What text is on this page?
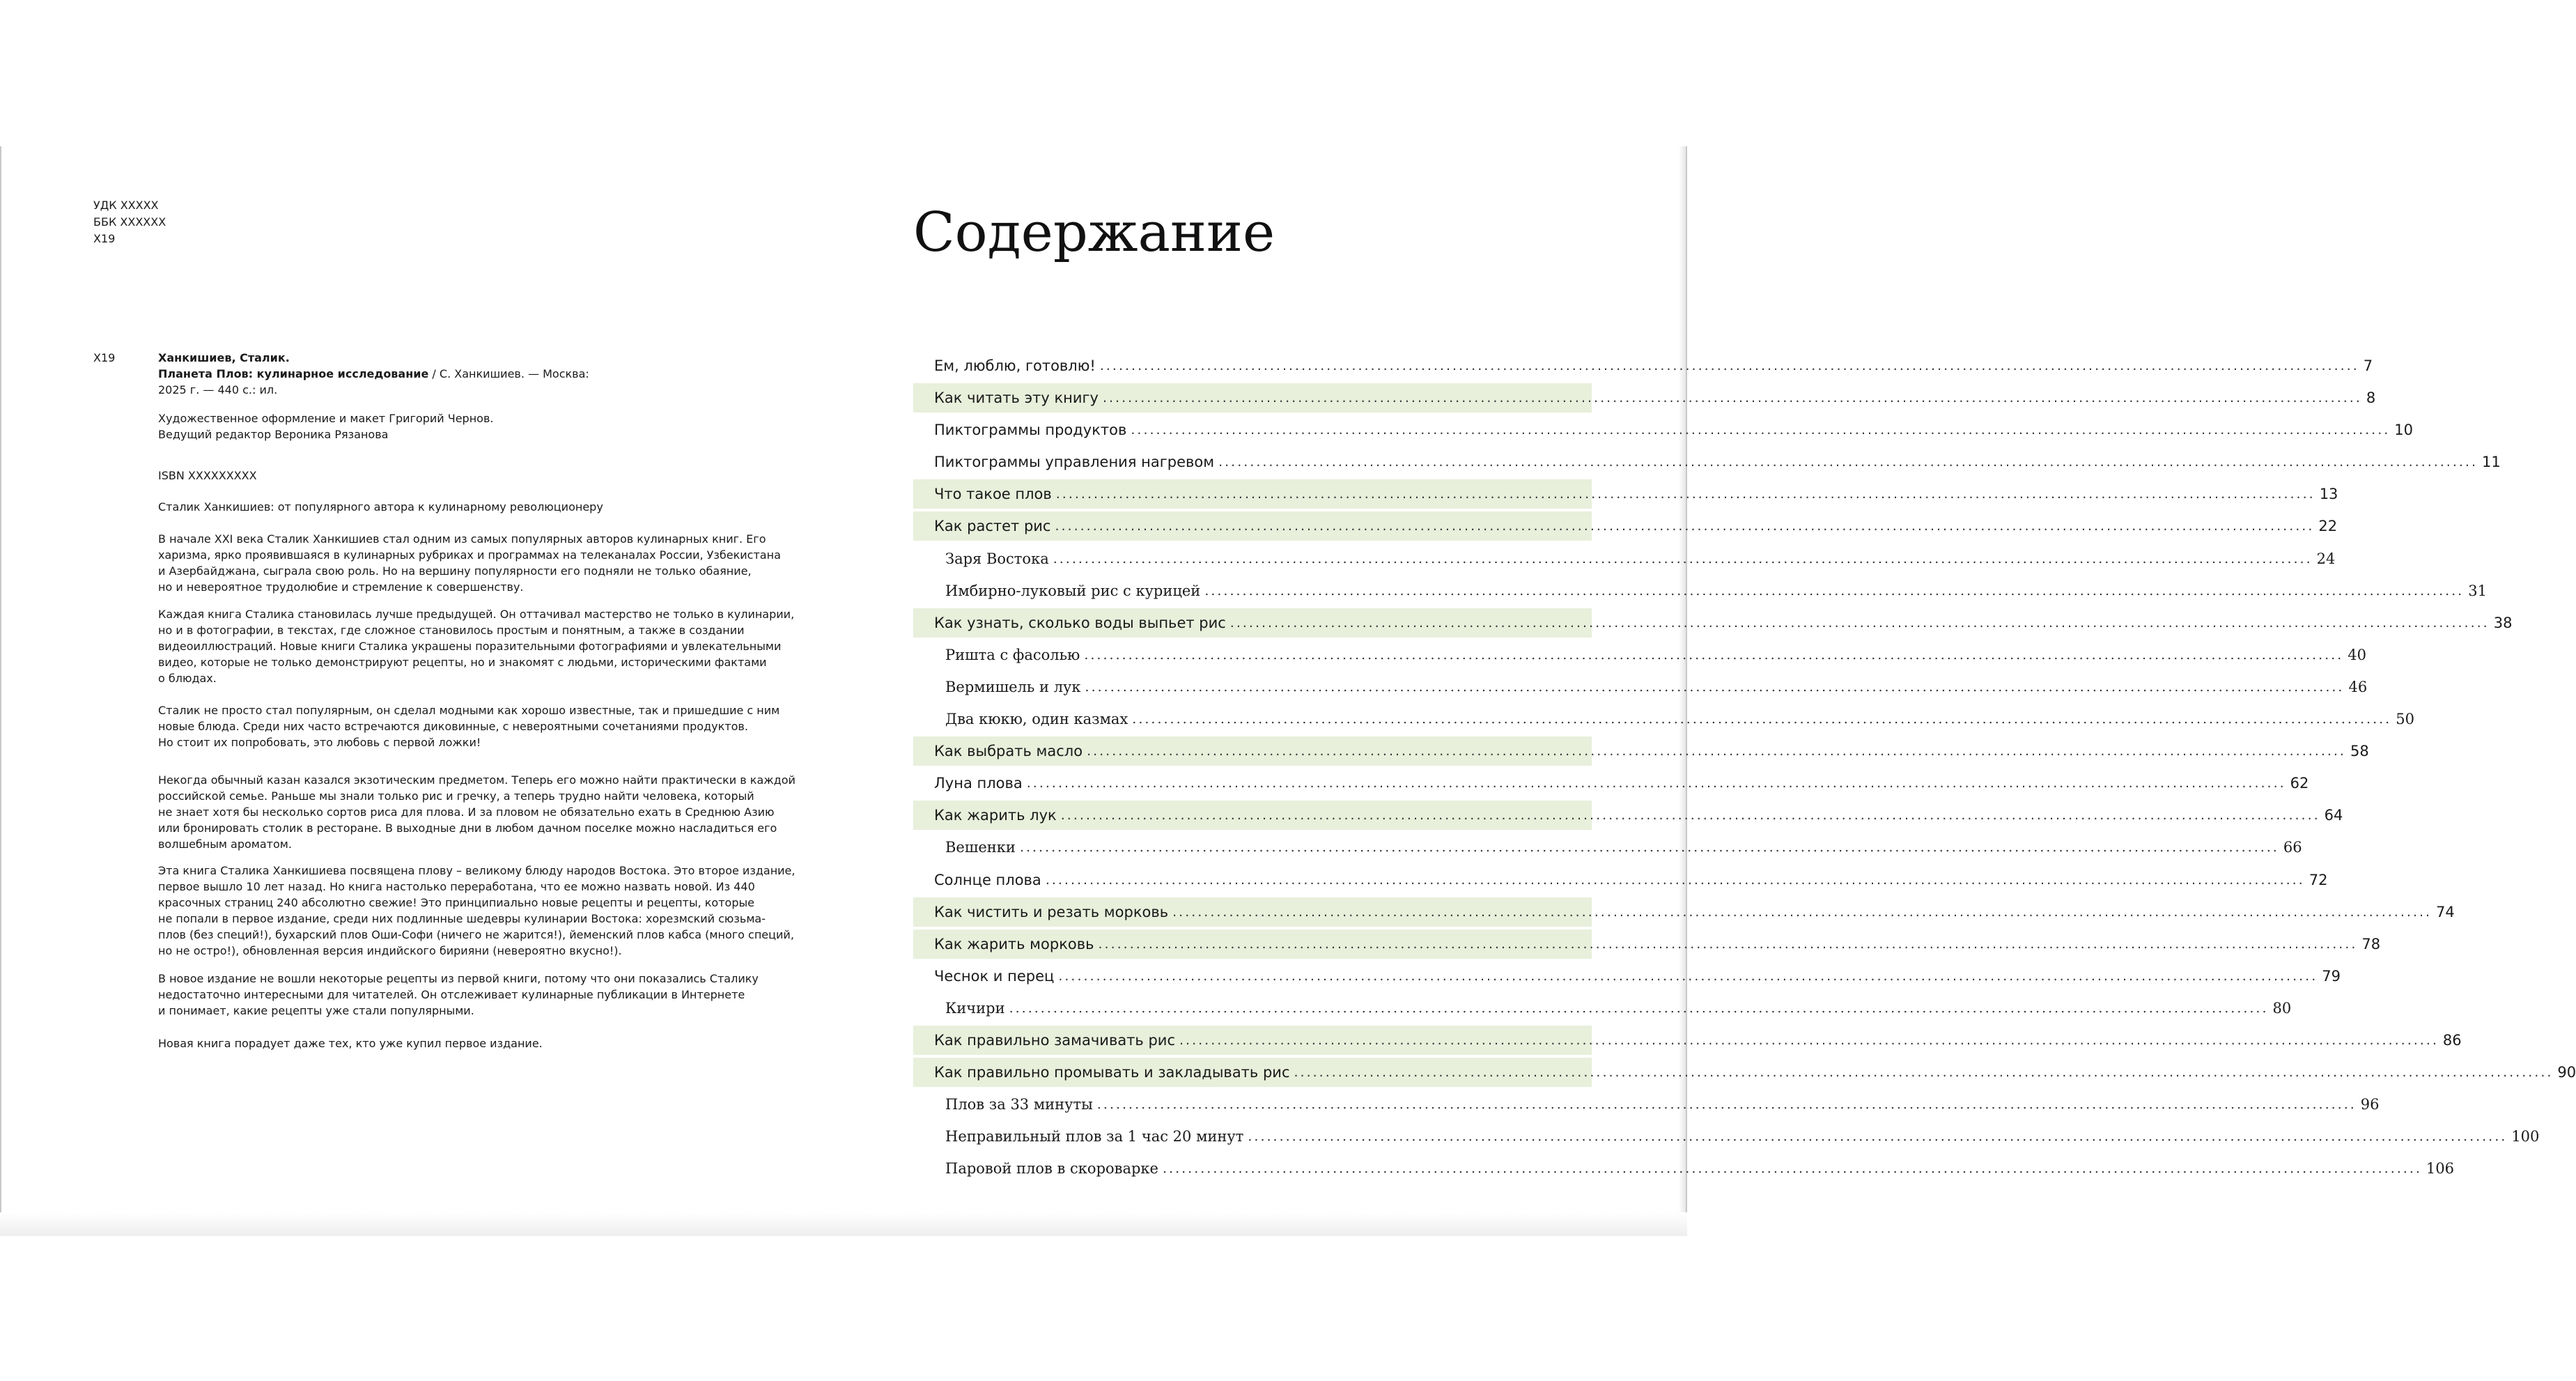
УДК XXXXX
ББК XXXXXX
Х19
Х19	Ханкишиев, Сталик.
Планета Плов: кулинарное исследование / С. Ханкишиев. — Москва:
2025 г. — 440 с.: ил.
Художественное оформление и макет Григорий Чернов.
Ведущий редактор Вероника Рязанова
ISBN XXXXXXXXX
Сталик Ханкишиев: от популярного автора к кулинарному революционеру
В начале XXI века Сталик Ханкишиев стал одним из самых популярных авторов кулинарных книг. Его
харизма, ярко проявившаяся в кулинарных рубриках и программах на телеканалах России, Узбекистана
и Азербайджана, сыграла свою роль. Но на вершину популярности его подняли не только обаяние,
но и невероятное трудолюбие и стремление к совершенству.
Каждая книга Сталика становилась лучше предыдущей. Он оттачивал мастерство не только в кулинарии,
но и в фотографии, в текстах, где сложное становилось простым и понятным, а также в создании
видеоиллюстраций. Новые книги Сталика украшены поразительными фотографиями и увлекательными
видео, которые не только демонстрируют рецепты, но и знакомят с людьми, историческими фактами
о блюдах.
Сталик не просто стал популярным, он сделал модными как хорошо известные, так и пришедшие с ним
новые блюда. Среди них часто встречаются диковинные, с невероятными сочетаниями продуктов.
Но стоит их попробовать, это любовь с первой ложки!
Некогда обычный казан казался экзотическим предметом. Теперь его можно найти практически в каждой
российской семье. Раньше мы знали только рис и гречку, а теперь трудно найти человека, который
не знает хотя бы несколько сортов риса для плова. И за пловом не обязательно ехать в Среднюю Азию
или бронировать столик в ресторане. В выходные дни в любом дачном поселке можно насладиться его
волшебным ароматом.
Эта книга Сталика Ханкишиева посвящена плову – великому блюду народов Востока. Это второе издание,
первое вышло 10 лет назад. Но книга настолько переработана, что ее можно назвать новой. Из 440
красочных страниц 240 абсолютно свежие! Это принципиально новые рецепты и рецепты, которые
не попали в первое издание, среди них подлинные шедевры кулинарии Востока: хорезмский сюзьма-
плов (без специй!), бухарский плов Оши-Софи (ничего не жарится!), йеменский плов кабса (много специй,
но не остро!), обновленная версия индийского бирияни (невероятно вкусно!).
В новое издание не вошли некоторые рецепты из первой книги, потому что они показались Сталику
недостаточно интересными для читателей. Он отслеживает кулинарные публикации в Интернете
и понимает, какие рецепты уже стали популярными.
Новая книга порадует даже тех, кто уже купил первое издание.
Содержание
Ем, люблю, готовлю! ........................................................................................................................................................................................................ 7
Как читать эту книгу ........................................................................................................................................................................................................ 8
Пиктограммы продуктов ........................................................................................................................................................................................................ 10
Пиктограммы управления нагревом ........................................................................................................................................................................................................ 11
Что такое плов ........................................................................................................................................................................................................ 13
Как растет рис ........................................................................................................................................................................................................ 22
Заря Востока ........................................................................................................................................................................................................ 24
Имбирно-луковый рис с курицей ........................................................................................................................................................................................................ 31
Как узнать, сколько воды выпьет рис ........................................................................................................................................................................................................ 38
Ришта с фасолью ........................................................................................................................................................................................................ 40
Вермишель и лук ........................................................................................................................................................................................................ 46
Два кюкю, один казмах ........................................................................................................................................................................................................ 50
Как выбрать масло ........................................................................................................................................................................................................ 58
Луна плова ........................................................................................................................................................................................................ 62
Как жарить лук ........................................................................................................................................................................................................ 64
Вешенки ........................................................................................................................................................................................................ 66
Солнце плова ........................................................................................................................................................................................................ 72
Как чистить и резать морковь ........................................................................................................................................................................................................ 74
Как жарить морковь ........................................................................................................................................................................................................ 78
Чеснок и перец ........................................................................................................................................................................................................ 79
Кичири ........................................................................................................................................................................................................ 80
Как правильно замачивать рис ........................................................................................................................................................................................................ 86
Как правильно промывать и закладывать рис ........................................................................................................................................................................................................ 90
Плов за 33 минуты ........................................................................................................................................................................................................ 96
Неправильный плов за 1 час 20 минут ........................................................................................................................................................................................................ 100
Паровой плов в скороварке ........................................................................................................................................................................................................ 106
